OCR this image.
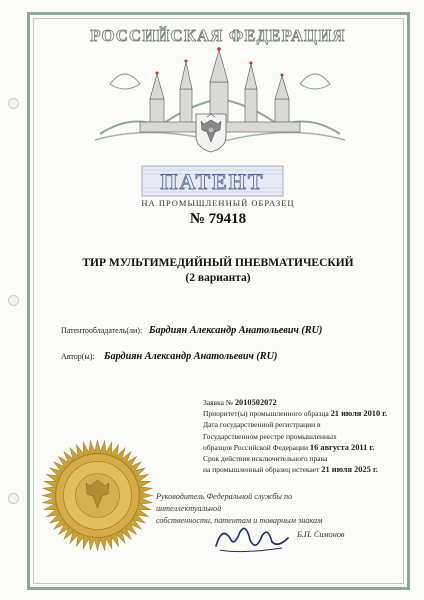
РОССИЙСКАЯ ФЕДЕРАЦИЯ
ПАТЕНТ
НА ПРОМЫШЛЕННЫЙ ОБРАЗЕЦ
№ 79418
ТИР МУЛЬТИМЕДИЙНЫЙ ПНЕВМАТИЧЕСКИЙ
(2 варианта)
Патентообладатель(ли): Бардиян Александр Анатольевич (RU)
Автор(ы): Бардиян Александр Анатольевич (RU)
Заявка № 2010502072
Приоритет(ы) промышленного образца 21 июля 2010 г.
Дата государственной регистрации в
Государственном реестре промышленных
образцов Российской Федерации 16 августа 2011 г.
Срок действия исключительного права
на промышленный образец истекает 21 июля 2025 г.
Руководитель Федеральной службы по интеллектуальной
собственности, патентам и товарным знакам
Б.П. Симонов
